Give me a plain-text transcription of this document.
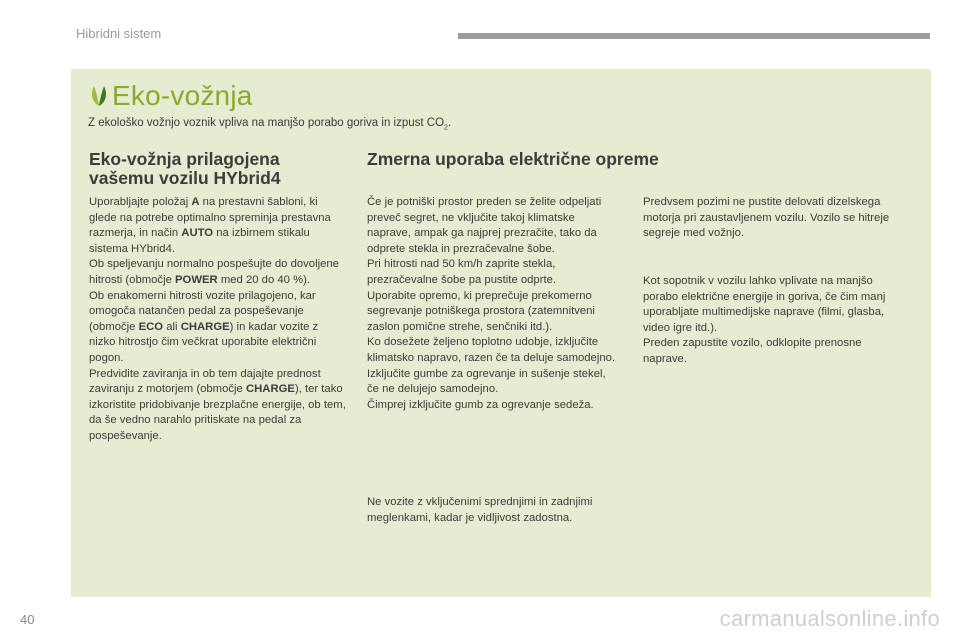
Hibridni sistem
Eko-vožnja
Z ekološko vožnjo voznik vpliva na manjšo porabo goriva in izpust $CO_2$.
Eko-vožnja prilagojena
vašemu vozilu HYbrid4

Uporabljajte položaj A na prestavni šabloni, ki glede na potrebe optimalno spreminja prestavna razmerja, in način AUTO na izbirnem stikalu sistema HYbrid4.

Ob speljevanju normalno pospešujte do dovoljene hitrosti (območje POWER med 20 do 40 %).

Ob enakomerni hitrosti vozite prilagojeno, kar omogoča natančen pedal za pospeševanje (območje ECO ali CHARGE) in kadar vozite z nizko hitrostjo čim večkrat uporabite električni pogon.

Predvidite zaviranja in ob tem dajajte prednost zaviranju z motorjem (območje CHARGE), ter tako izkoristite pridobivanje brezplačne energije, ob tem, da še vedno narahlo pritiskate na pedal za pospeševanje.

Zmerna uporaba električne opreme

Če je potniški prostor preden se želite odpeljati preveč segret, ne vključite takoj klimatske naprave, ampak ga najprej prezračite, tako da odprete stekla in prezračevalne šobe.

Pri hitrosti nad 50 km/h zaprite stekla, prezračevalne šobe pa pustite odprte.

Uporabite opremo, ki preprečuje prekomerno segrevanje potniškega prostora (zatemnitveni zaslon pomične strehe, senčniki itd.).

Ko dosežete željeno toplotno udobje, izključite klimatsko napravo, razen če ta deluje samodejno.

Izključite gumbe za ogrevanje in sušenje stekel, če ne delujejo samodejno.

Čimprej izključite gumb za ogrevanje sedeža.

Ne vozite z vključenimi sprednjimi in zadnjimi meglenkami, kadar je vidljivost zadostna.
Predvsem pozimi ne pustite delovati dizelskega motorja pri zaustavljenem vozilu. Vozilo se hitreje segreje med vožnjo.

Kot sopotnik v vozilu lahko vplivate na manjšo porabo električne energije in goriva, če čim manj uporabljate multimedijske naprave (filmi, glasba, video igre itd.).

Preden zapustite vozilo, odklopite prenosne naprave.

40	carmanualsonline.info
